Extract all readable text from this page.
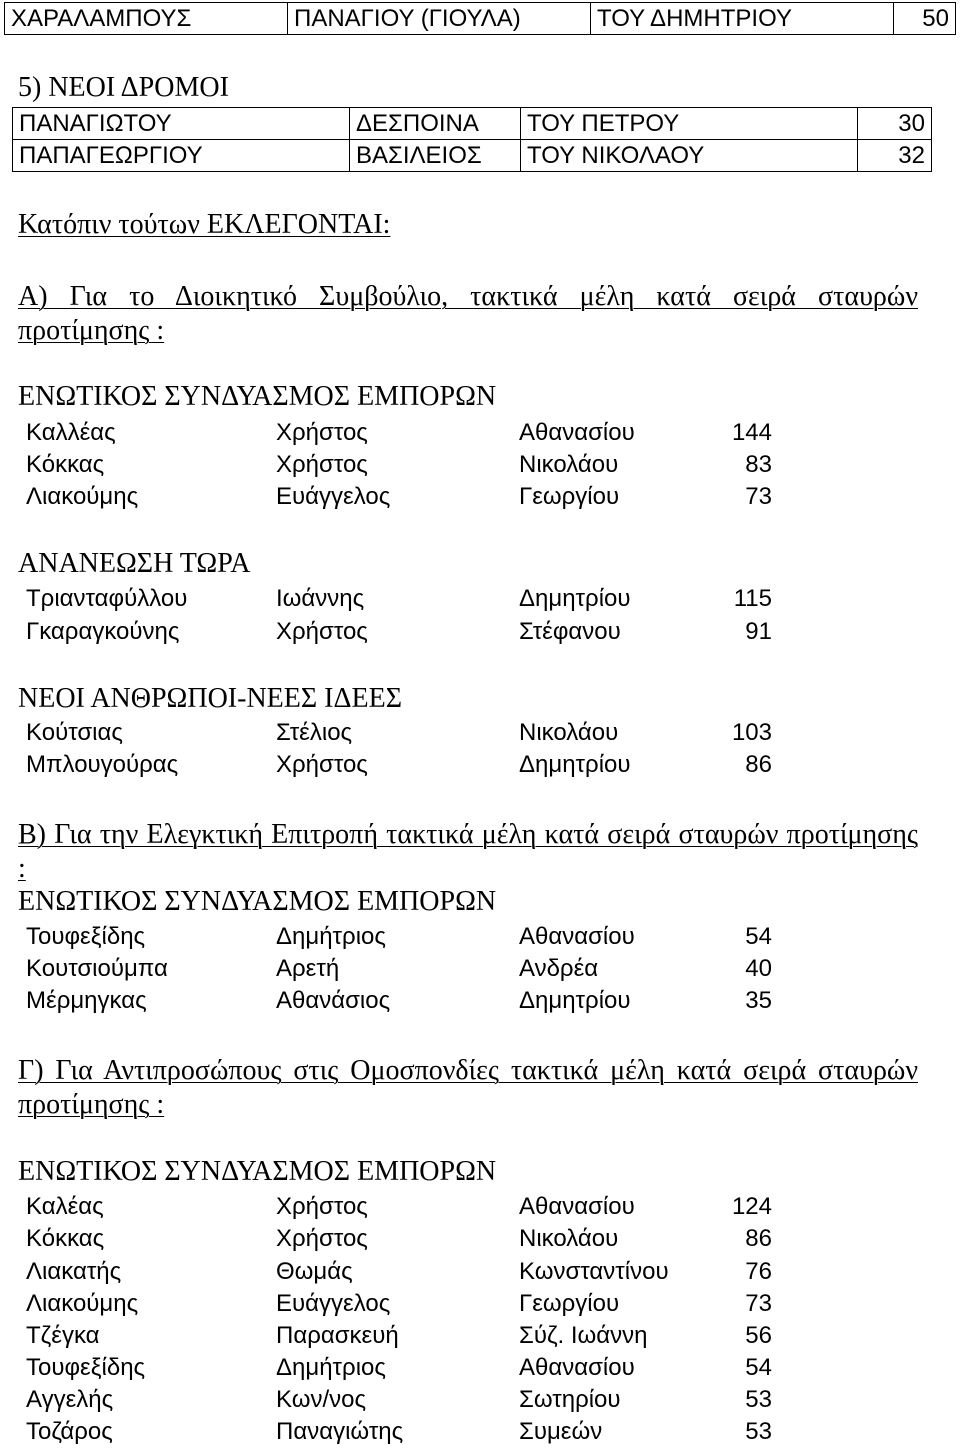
ΧΑΡΑΛΑΜΠΟΥΣ	ΠΑΝΑΓΙΟΥ (ΓΙΟΥΛΑ)	ΤΟΥ ΔΗΜΗΤΡΙΟΥ	50
5) ΝΕΟΙ ΔΡΟΜΟΙ
ΠΑΝΑΓΙΩΤΟΥ	ΔΕΣΠΟΙΝΑ	ΤΟΥ ΠΕΤΡΟΥ	30
ΠΑΠΑΓΕΩΡΓΙΟΥ	ΒΑΣΙΛΕΙΟΣ	ΤΟΥ ΝΙΚΟΛΑΟΥ	32
Κατόπιν τούτων ΕΚΛΕΓΟΝΤΑΙ:
Α) Για το Διοικητικό Συμβούλιο, τακτικά μέλη κατά σειρά σταυρών προτίμησης :
ΕΝΩΤΙΚΟΣ ΣΥΝΔΥΑΣΜΟΣ ΕΜΠΟΡΩΝ
Καλλέας	Χρήστος	Αθανασίου	144
Κόκκας	Χρήστος	Νικολάου	83
Λιακούμης	Ευάγγελος	Γεωργίου	73
ΑΝΑΝΕΩΣΗ ΤΩΡΑ
Τριανταφύλλου	Ιωάννης	Δημητρίου	115
Γκαραγκούνης	Χρήστος	Στέφανου	91
ΝΕΟΙ ΑΝΘΡΩΠΟΙ-ΝΕΕΣ ΙΔΕΕΣ
Κούτσιας	Στέλιος	Νικολάου	103
Μπλουγούρας	Χρήστος	Δημητρίου	86
Β) Για την Ελεγκτική Επιτροπή τακτικά μέλη κατά σειρά σταυρών προτίμησης :
ΕΝΩΤΙΚΟΣ ΣΥΝΔΥΑΣΜΟΣ ΕΜΠΟΡΩΝ
Τουφεξίδης	Δημήτριος	Αθανασίου	54
Κουτσιούμπα	Αρετή	Ανδρέα	40
Μέρμηγκας	Αθανάσιος	Δημητρίου	35
Γ) Για Αντιπροσώπους στις Ομοσπονδίες τακτικά μέλη κατά σειρά σταυρών προτίμησης :
ΕΝΩΤΙΚΟΣ ΣΥΝΔΥΑΣΜΟΣ ΕΜΠΟΡΩΝ
Καλέας	Χρήστος	Αθανασίου	124
Κόκκας	Χρήστος	Νικολάου	86
Λιακατής	Θωμάς	Κωνσταντίνου	76
Λιακούμης	Ευάγγελος	Γεωργίου	73
Τζέγκα	Παρασκευή	Σύζ. Ιωάννη	56
Τουφεξίδης	Δημήτριος	Αθανασίου	54
Αγγελής	Κων/νος	Σωτηρίου	53
Τοζάρος	Παναγιώτης	Συμεών	53
